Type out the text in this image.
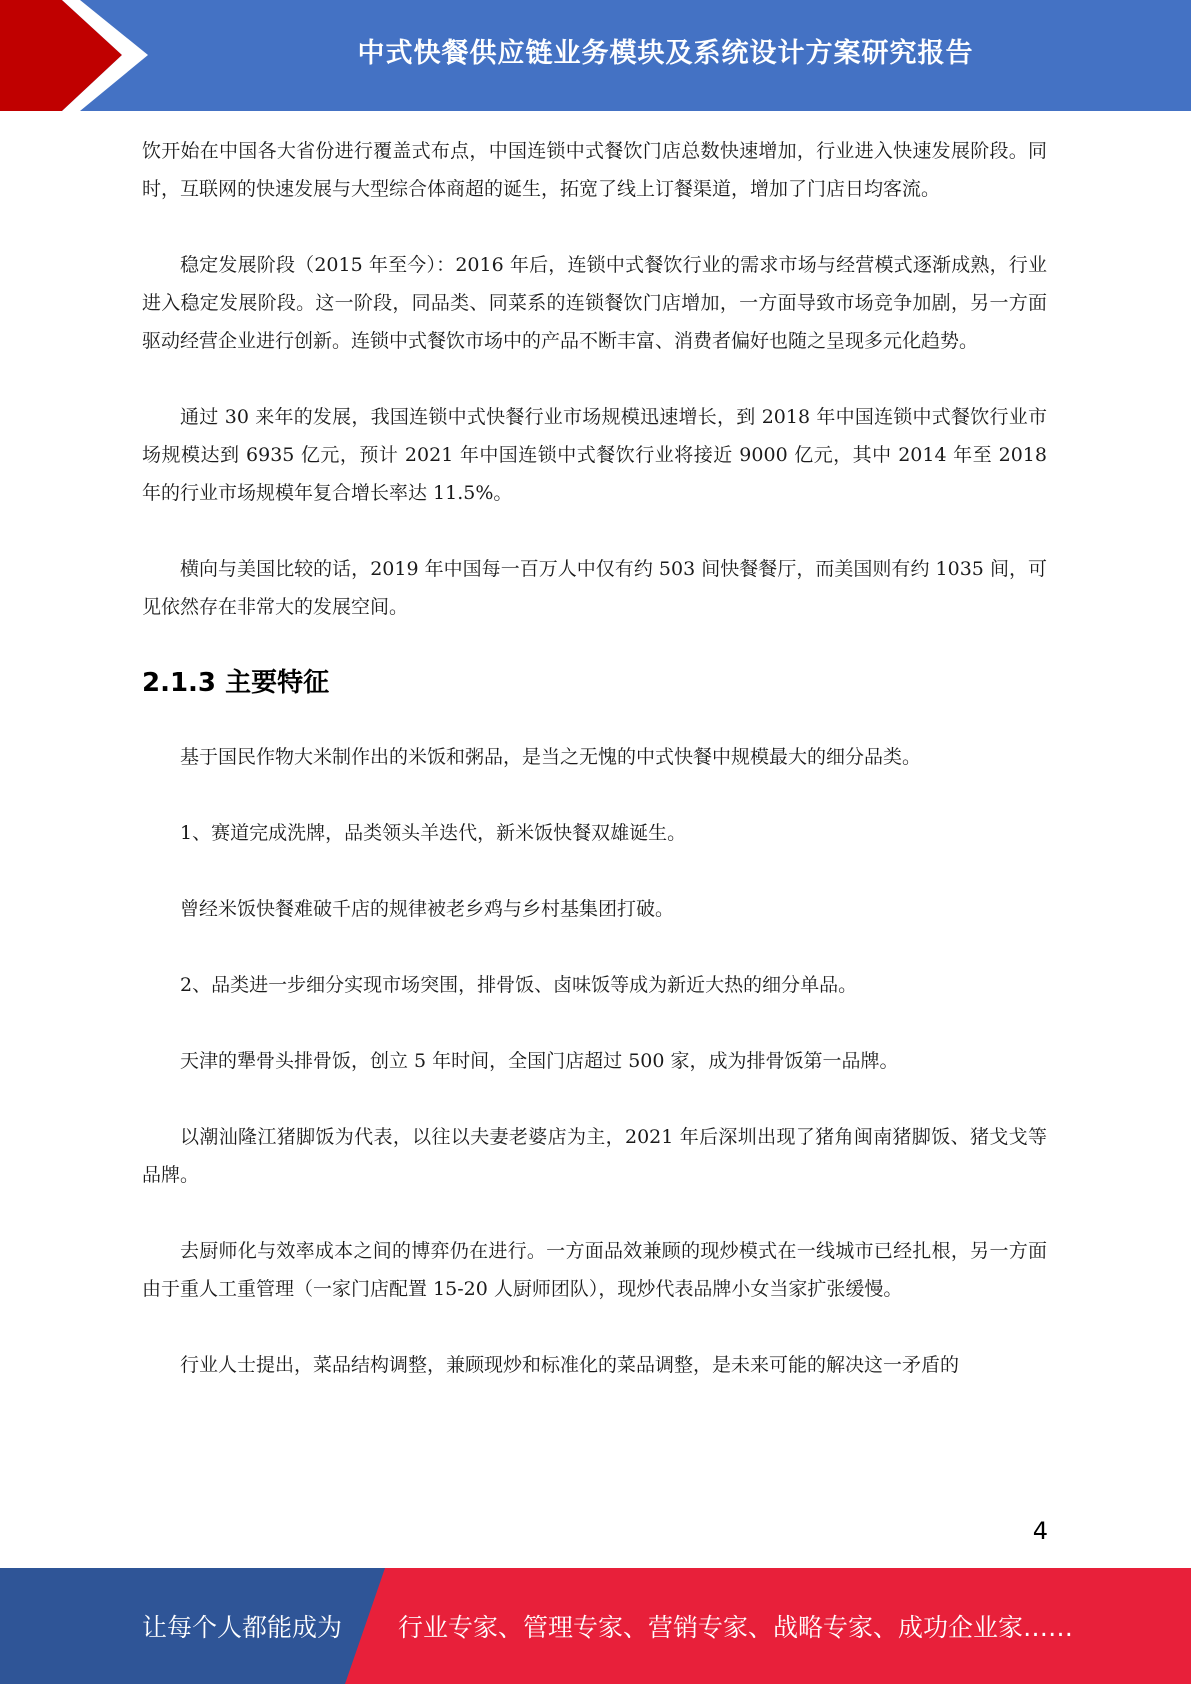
中式快餐供应链业务模块及系统设计方案研究报告

饮开始在中国各大省份进行覆盖式布点，中国连锁中式餐饮门店总数快速增加，行业进入快速发展阶段。同时，互联网的快速发展与大型综合体商超的诞生，拓宽了线上订餐渠道，增加了门店日均客流。

稳定发展阶段（2015 年至今）：2016 年后，连锁中式餐饮行业的需求市场与经营模式逐渐成熟，行业进入稳定发展阶段。这一阶段，同品类、同菜系的连锁餐饮门店增加，一方面导致市场竞争加剧，另一方面驱动经营企业进行创新。连锁中式餐饮市场中的产品不断丰富、消费者偏好也随之呈现多元化趋势。

通过 30 来年的发展，我国连锁中式快餐行业市场规模迅速增长，到 2018 年中国连锁中式餐饮行业市场规模达到 6935 亿元，预计 2021 年中国连锁中式餐饮行业将接近 9000 亿元，其中 2014 年至 2018 年的行业市场规模年复合增长率达 11.5%。

横向与美国比较的话，2019 年中国每一百万人中仅有约 503 间快餐餐厅，而美国则有约 1035 间，可见依然存在非常大的发展空间。

2.1.3 主要特征

基于国民作物大米制作出的米饭和粥品，是当之无愧的中式快餐中规模最大的细分品类。

1、赛道完成洗牌，品类领头羊迭代，新米饭快餐双雄诞生。

曾经米饭快餐难破千店的规律被老乡鸡与乡村基集团打破。

2、品类进一步细分实现市场突围，排骨饭、卤味饭等成为新近大热的细分单品。

天津的犟骨头排骨饭，创立 5 年时间，全国门店超过 500 家，成为排骨饭第一品牌。

以潮汕隆江猪脚饭为代表，以往以夫妻老婆店为主，2021 年后深圳出现了猪角闽南猪脚饭、猪戈戈等品牌。

去厨师化与效率成本之间的博弈仍在进行。一方面品效兼顾的现炒模式在一线城市已经扎根，另一方面由于重人工重管理（一家门店配置 15-20 人厨师团队），现炒代表品牌小女当家扩张缓慢。

行业人士提出，菜品结构调整，兼顾现炒和标准化的菜品调整，是未来可能的解决这一矛盾的

4
让每个人都能成为 行业专家、管理专家、营销专家、战略专家、成功企业家……
